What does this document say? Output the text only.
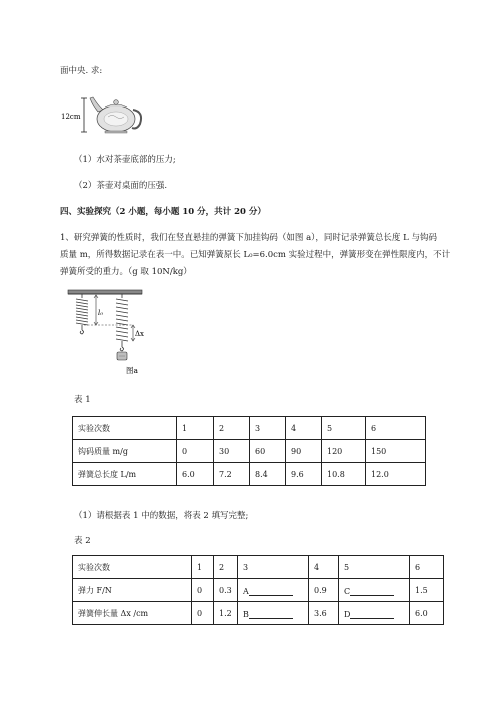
面中央. 求:
12cm
（1）水对茶壶底部的压力;
（2）茶壶对桌面的压强.
四、实验探究（2 小题，每小题 10 分，共计 20 分）
1、研究弹簧的性质时，我们在竖直悬挂的弹簧下加挂钩码（如图 a），同时记录弹簧总长度 L 与钩码
质量 m，所得数据记录在表一中。已知弹簧原长 L₀=6.0cm 实验过程中，弹簧形变在弹性限度内，不计
弹簧所受的重力。（g 取 10N/kg）
l₀
Δx
图a
表 1
实验次数	1	2	3	4	5	6
钩码质量 m/g	0	30	60	90	120	150
弹簧总长度 L/m	6.0	7.2	8.4	9.6	10.8	12.0
（1）请根据表 1 中的数据，将表 2 填写完整;
表 2
实验次数	1	2	3	4	5	6
弹力 F/N	0	0.3	A	0.9	C	1.5
弹簧伸长量 Δx /cm	0	1.2	B	3.6	D	6.0
